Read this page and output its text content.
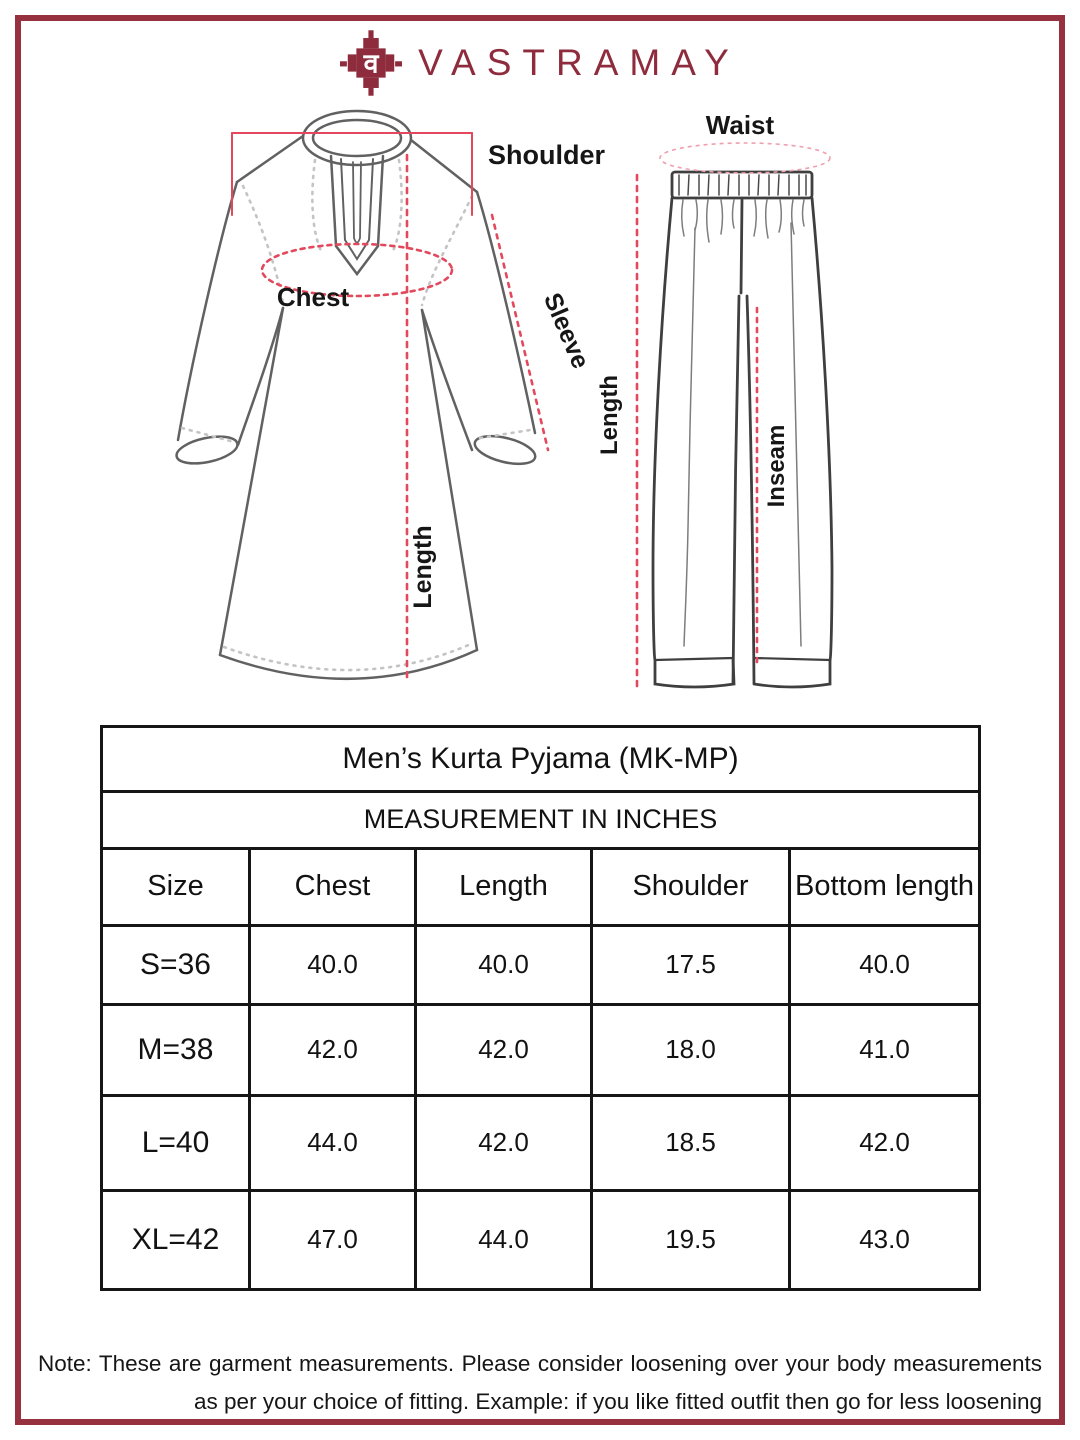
व VASTRAMAY
Shoulder
Chest	Sleeve
Length
Waist
Length
Inseam
Men’s Kurta Pyjama (MK-MP)				
MEASUREMENT IN INCHES				
Size	Chest	Length	Shoulder	Bottom length
S=36	40.0	40.0	17.5	40.0
M=38	42.0	42.0	18.0	41.0
L=40	44.0	42.0	18.5	42.0
XL=42	47.0	44.0	19.5	43.0

Note: These are garment measurements. Please consider loosening over your body measurements
as per your choice of fitting. Example: if you like fitted outfit then go for less loosening
